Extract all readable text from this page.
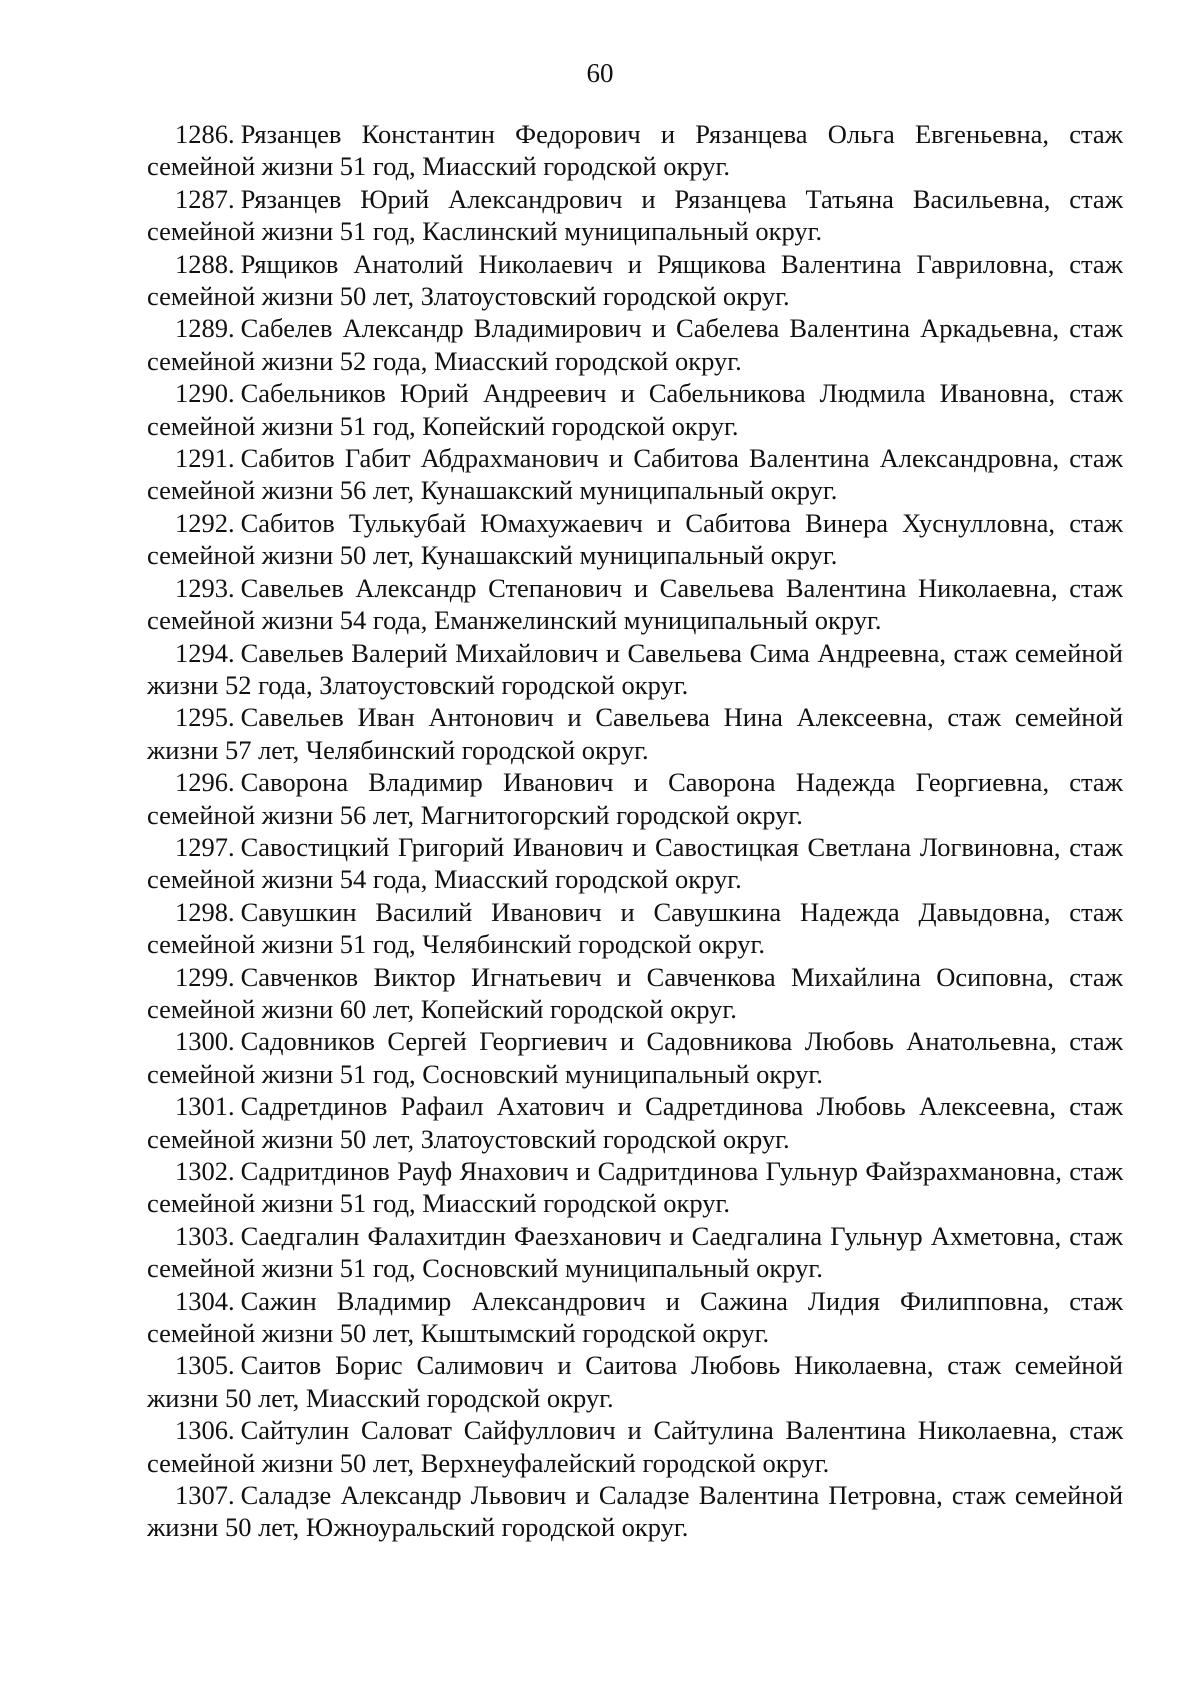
60

1286. Рязанцев Константин Федорович и Рязанцева Ольга Евгеньевна, стаж семейной жизни 51 год, Миасский городской округ.

1287. Рязанцев Юрий Александрович и Рязанцева Татьяна Васильевна, стаж семейной жизни 51 год, Каслинский муниципальный округ.

1288. Рящиков Анатолий Николаевич и Рящикова Валентина Гавриловна, стаж семейной жизни 50 лет, Златоустовский городской округ.

1289. Сабелев Александр Владимирович и Сабелева Валентина Аркадьевна, стаж семейной жизни 52 года, Миасский городской округ.

1290. Сабельников Юрий Андреевич и Сабельникова Людмила Ивановна, стаж семейной жизни 51 год, Копейский городской округ.

1291. Сабитов Габит Абдрахманович и Сабитова Валентина Александровна, стаж семейной жизни 56 лет, Кунашакский муниципальный округ.

1292. Сабитов Тулькубай Юмахужаевич и Сабитова Винера Хуснулловна, стаж семейной жизни 50 лет, Кунашакский муниципальный округ.

1293. Савельев Александр Степанович и Савельева Валентина Николаевна, стаж семейной жизни 54 года, Еманжелинский муниципальный округ.

1294. Савельев Валерий Михайлович и Савельева Сима Андреевна, стаж семейной жизни 52 года, Златоустовский городской округ.

1295. Савельев Иван Антонович и Савельева Нина Алексеевна, стаж семейной жизни 57 лет, Челябинский городской округ.

1296. Саворона Владимир Иванович и Саворона Надежда Георгиевна, стаж семейной жизни 56 лет, Магнитогорский городской округ.

1297. Савостицкий Григорий Иванович и Савостицкая Светлана Логвиновна, стаж семейной жизни 54 года, Миасский городской округ.

1298. Савушкин Василий Иванович и Савушкина Надежда Давыдовна, стаж семейной жизни 51 год, Челябинский городской округ.

1299. Савченков Виктор Игнатьевич и Савченкова Михайлина Осиповна, стаж семейной жизни 60 лет, Копейский городской округ.

1300. Садовников Сергей Георгиевич и Садовникова Любовь Анатольевна, стаж семейной жизни 51 год, Сосновский муниципальный округ.

1301. Садретдинов Рафаил Ахатович и Садретдинова Любовь Алексеевна, стаж семейной жизни 50 лет, Златоустовский городской округ.

1302. Садритдинов Рауф Янахович и Садритдинова Гульнур Файзрахмановна, стаж семейной жизни 51 год, Миасский городской округ.

1303. Саедгалин Фалахитдин Фаезханович и Саедгалина Гульнур Ахметовна, стаж семейной жизни 51 год, Сосновский муниципальный округ.

1304. Сажин Владимир Александрович и Сажина Лидия Филипповна, стаж семейной жизни 50 лет, Кыштымский городской округ.

1305. Саитов Борис Салимович и Саитова Любовь Николаевна, стаж семейной жизни 50 лет, Миасский городской округ.

1306. Сайтулин Саловат Сайфуллович и Сайтулина Валентина Николаевна, стаж семейной жизни 50 лет, Верхнеуфалейский городской округ.

1307. Саладзе Александр Львович и Саладзе Валентина Петровна, стаж семейной жизни 50 лет, Южноуральский городской округ.
